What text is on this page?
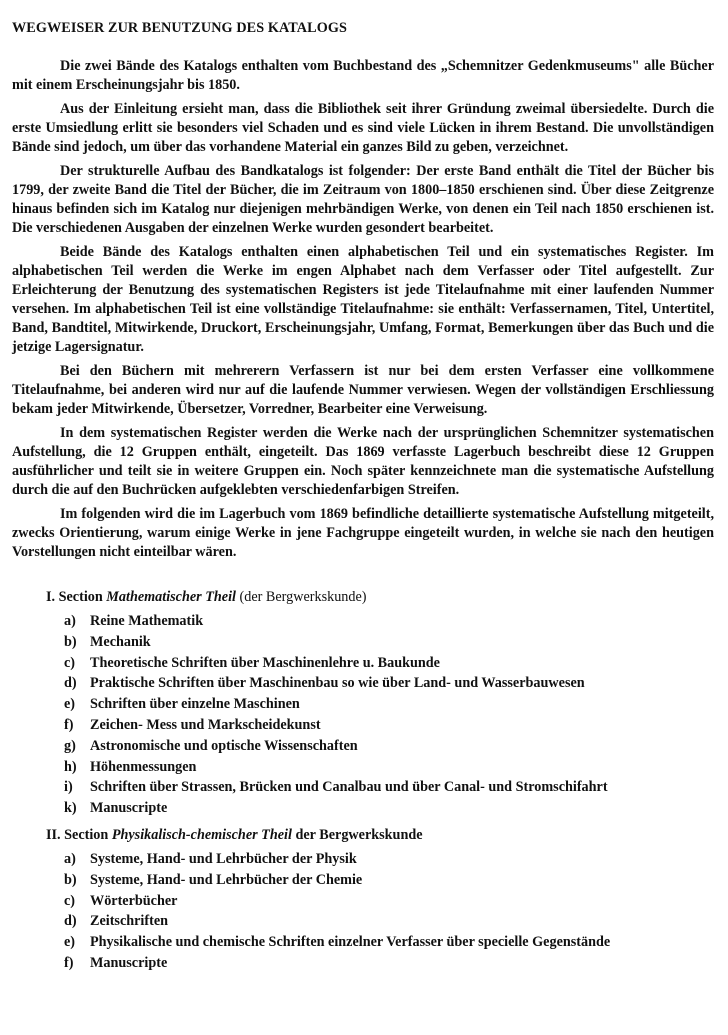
WEGWEISER ZUR BENUTZUNG DES KATALOGS

Die zwei Bände des Katalogs enthalten vom Buchbestand des „Schemnitzer Gedenkmuseums" alle Bücher mit einem Erscheinungsjahr bis 1850.

Aus der Einleitung ersieht man, dass die Bibliothek seit ihrer Gründung zweimal übersiedelte. Durch die erste Umsiedlung erlitt sie besonders viel Schaden und es sind viele Lücken in ihrem Bestand. Die unvollständigen Bände sind jedoch, um über das vorhandene Material ein ganzes Bild zu geben, verzeichnet.

Der strukturelle Aufbau des Bandkatalogs ist folgender: Der erste Band enthält die Titel der Bücher bis 1799, der zweite Band die Titel der Bücher, die im Zeitraum von 1800–1850 erschienen sind. Über diese Zeitgrenze hinaus befinden sich im Katalog nur diejenigen mehrbändigen Werke, von denen ein Teil nach 1850 erschienen ist. Die verschiedenen Ausgaben der einzelnen Werke wurden gesondert bearbeitet.

Beide Bände des Katalogs enthalten einen alphabetischen Teil und ein systematisches Register. Im alphabetischen Teil werden die Werke im engen Alphabet nach dem Verfasser oder Titel aufgestellt. Zur Erleichterung der Benutzung des systematischen Registers ist jede Titelaufnahme mit einer laufenden Nummer versehen. Im alphabetischen Teil ist eine vollständige Titelaufnahme: sie enthält: Verfassernamen, Titel, Untertitel, Band, Bandtitel, Mitwirkende, Druckort, Erscheinungsjahr, Umfang, Format, Bemerkungen über das Buch und die jetzige Lagersignatur.

Bei den Büchern mit mehrerern Verfassern ist nur bei dem ersten Verfasser eine vollkommene Titelaufnahme, bei anderen wird nur auf die laufende Nummer verwiesen. Wegen der vollständigen Erschliessung bekam jeder Mitwirkende, Übersetzer, Vorredner, Bearbeiter eine Verweisung.

In dem systematischen Register werden die Werke nach der ursprünglichen Schemnitzer systematischen Aufstellung, die 12 Gruppen enthält, eingeteilt. Das 1869 verfasste Lagerbuch beschreibt diese 12 Gruppen ausführlicher und teilt sie in weitere Gruppen ein. Noch später kennzeichnete man die systematische Aufstellung durch die auf den Buchrücken aufgeklebten verschiedenfarbigen Streifen.

Im folgenden wird die im Lagerbuch vom 1869 befindliche detaillierte systematische Aufstellung mitgeteilt, zwecks Orientierung, warum einige Werke in jene Fachgruppe eingeteilt wurden, in welche sie nach den heutigen Vorstellungen nicht einteilbar wären.

I. Section Mathematischer Theil (der Bergwerkskunde)
a) Reine Mathematik
b) Mechanik
c)	Theoretische Schriften über Maschinenlehre u. Baukunde
d) Praktische Schriften über Maschinenbau so wie über Land- und Wasserbauwesen
e)	Schriften über einzelne Maschinen
f)	Zeichen- Mess und Markscheidekunst
g) Astronomische und optische Wissenschaften
h) Höhenmessungen
i)	Schriften über Strassen, Brücken und Canalbau und über Canal- und Stromschifahrt
k) Manuscripte
II. Section Physikalisch-chemischer Theil der Bergwerkskunde
a) Systeme, Hand- und Lehrbücher der Physik
b) Systeme, Hand- und Lehrbücher der Chemie
c)	Wörterbücher
d) Zeitschriften
e)	Physikalische und chemische Schriften einzelner Verfasser über specielle Gegenstände
f)	Manuscripte
